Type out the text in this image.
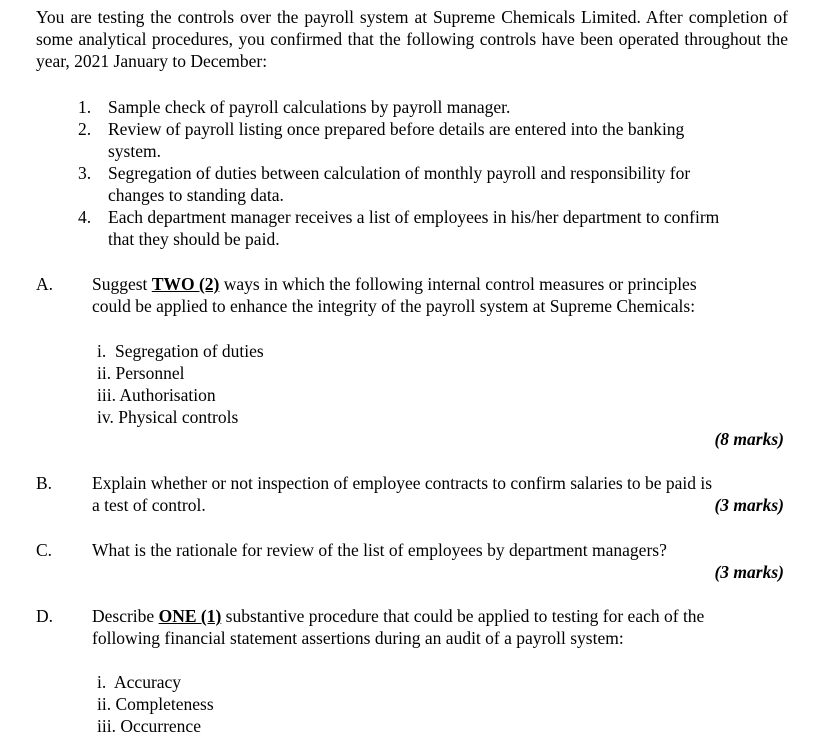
You are testing the controls over the payroll system at Supreme Chemicals Limited. After completion of some analytical procedures, you confirmed that the following controls have been operated throughout the year, 2021 January to December:
1. Sample check of payroll calculations by payroll manager.
2. Review of payroll listing once prepared before details are entered into the banking
system.
3. Segregation of duties between calculation of monthly payroll and responsibility for
changes to standing data.
4. Each department manager receives a list of employees in his/her department to confirm
that they should be paid.
A. Suggest TWO (2) ways in which the following internal control measures or principles
could be applied to enhance the integrity of the payroll system at Supreme Chemicals:
i.  Segregation of duties
ii. Personnel
iii. Authorisation
iv. Physical controls
(8 marks)
B. Explain whether or not inspection of employee contracts to confirm salaries to be paid is
a test of control.	(3 marks)
C. What is the rationale for review of the list of employees by department managers?
(3 marks)
D. Describe ONE (1) substantive procedure that could be applied to testing for each of the
following financial statement assertions during an audit of a payroll system:
i.  Accuracy
ii. Completeness
iii. Occurrence
